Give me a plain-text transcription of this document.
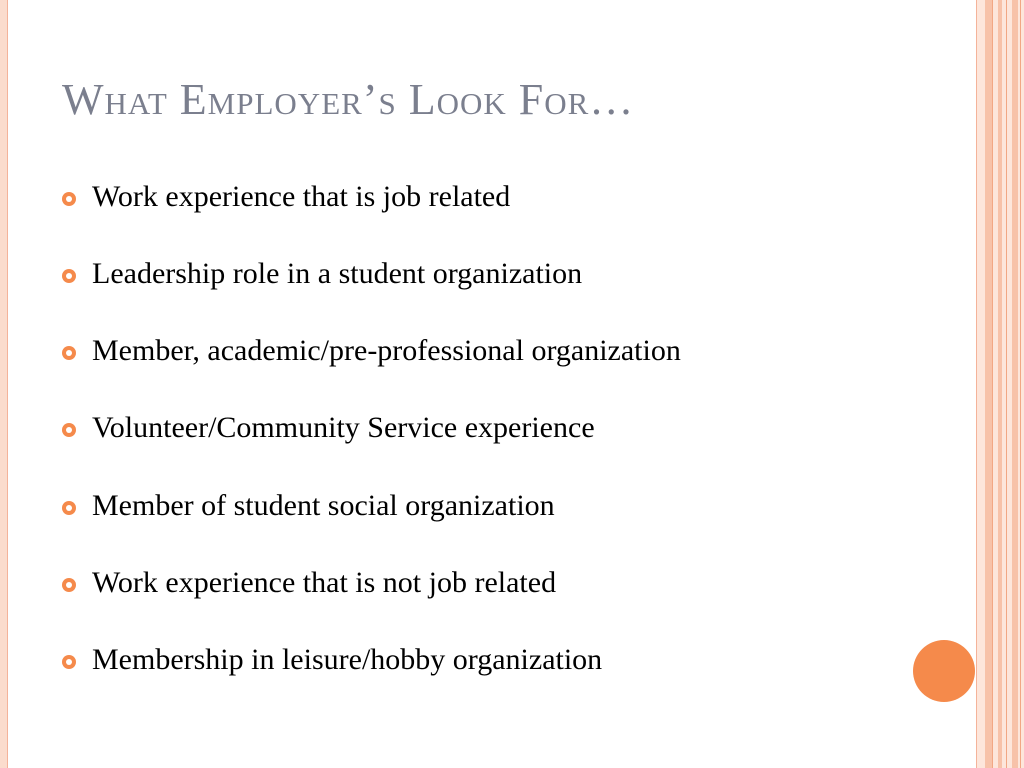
What Employer’s Look For…
Work experience that is job related
Leadership role in a student organization
Member, academic/pre-professional organization
Volunteer/Community Service experience
Member of student social organization
Work experience that is not job related
Membership in leisure/hobby organization
